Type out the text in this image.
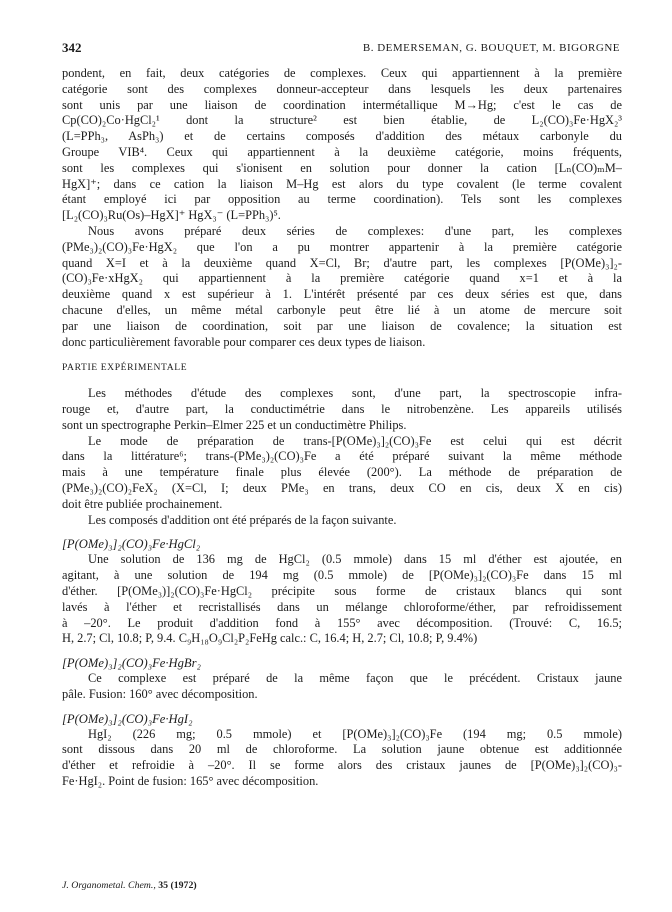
342	B. DEMERSEMAN, G. BOUQUET, M. BIGORGNE
pondent, en fait, deux catégories de complexes. Ceux qui appartiennent à la première
catégorie sont des complexes donneur-accepteur dans lesquels les deux partenaires
sont unis par une liaison de coordination intermétallique M→Hg; c'est le cas de
Cp(CO)₂Co·HgCl₂¹ dont la structure² est bien établie, de L₂(CO)₃Fe·HgX₂³
(L=PPh₃, AsPh₃) et de certains composés d'addition des métaux carbonyle du
Groupe VIB⁴. Ceux qui appartiennent à la deuxième catégorie, moins fréquents,
sont les complexes qui s'ionisent en solution pour donner la cation [Lₙ(CO)ₘM–
HgX]⁺; dans ce cation la liaison M–Hg est alors du type covalent (le terme covalent
étant employé ici par opposition au terme coordination). Tels sont les complexes
[L₂(CO)₃Ru(Os)–HgX]⁺ HgX₃⁻ (L=PPh₃)⁵.
Nous avons préparé deux séries de complexes: d'une part, les complexes
(PMe₃)₂(CO)₃Fe·HgX₂ que l'on a pu montrer appartenir à la première catégorie
quand X=I et à la deuxième quand X=Cl, Br; d'autre part, les complexes [P(OMe)₃]₂-
(CO)₃Fe·xHgX₂ qui appartiennent à la première catégorie quand x=1 et à la
deuxième quand x est supérieur à 1. L'intérêt présenté par ces deux séries est que, dans
chacune d'elles, un même métal carbonyle peut être lié à un atome de mercure soit
par une liaison de coordination, soit par une liaison de covalence; la situation est
donc particulièrement favorable pour comparer ces deux types de liaison.
PARTIE EXPÉRIMENTALE
Les méthodes d'étude des complexes sont, d'une part, la spectroscopie infra-
rouge et, d'autre part, la conductimétrie dans le nitrobenzène. Les appareils utilisés
sont un spectrographe Perkin–Elmer 225 et un conductimètre Philips.
Le mode de préparation de trans-[P(OMe)₃]₂(CO)₃Fe est celui qui est décrit
dans la littérature⁶; trans-(PMe₃)₂(CO)₃Fe a été préparé suivant la même méthode
mais à une température finale plus élevée (200°). La méthode de préparation de
(PMe₃)₂(CO)₂FeX₂ (X=Cl, I; deux PMe₃ en trans, deux CO en cis, deux X en cis)
doit être publiée prochainement.
Les composés d'addition ont été préparés de la façon suivante.
[P(OMe)₃]₂(CO)₃Fe·HgCl₂
Une solution de 136 mg de HgCl₂ (0.5 mmole) dans 15 ml d'éther est ajoutée, en
agitant, à une solution de 194 mg (0.5 mmole) de [P(OMe)₃]₂(CO)₃Fe dans 15 ml
d'éther. [P(OMe₃)]₂(CO)₃Fe·HgCl₂ précipite sous forme de cristaux blancs qui sont
lavés à l'éther et recristallisés dans un mélange chloroforme/éther, par refroidissement
à –20°. Le produit d'addition fond à 155° avec décomposition. (Trouvé: C, 16.5;
H, 2.7; Cl, 10.8; P, 9.4. C₉H₁₈O₉Cl₂P₂FeHg calc.: C, 16.4; H, 2.7; Cl, 10.8; P, 9.4%)
[P(OMe)₃]₂(CO)₃Fe·HgBr₂
Ce complexe est préparé de la même façon que le précédent. Cristaux jaune
pâle. Fusion: 160° avec décomposition.
[P(OMe)₃]₂(CO)₃Fe·HgI₂
HgI₂ (226 mg; 0.5 mmole) et [P(OMe)₃]₂(CO)₃Fe (194 mg; 0.5 mmole)
sont dissous dans 20 ml de chloroforme. La solution jaune obtenue est additionnée
d'éther et refroidie à –20°. Il se forme alors des cristaux jaunes de [P(OMe)₃]₂(CO)₃-
Fe·HgI₂. Point de fusion: 165° avec décomposition.
J. Organometal. Chem., 35 (1972)
